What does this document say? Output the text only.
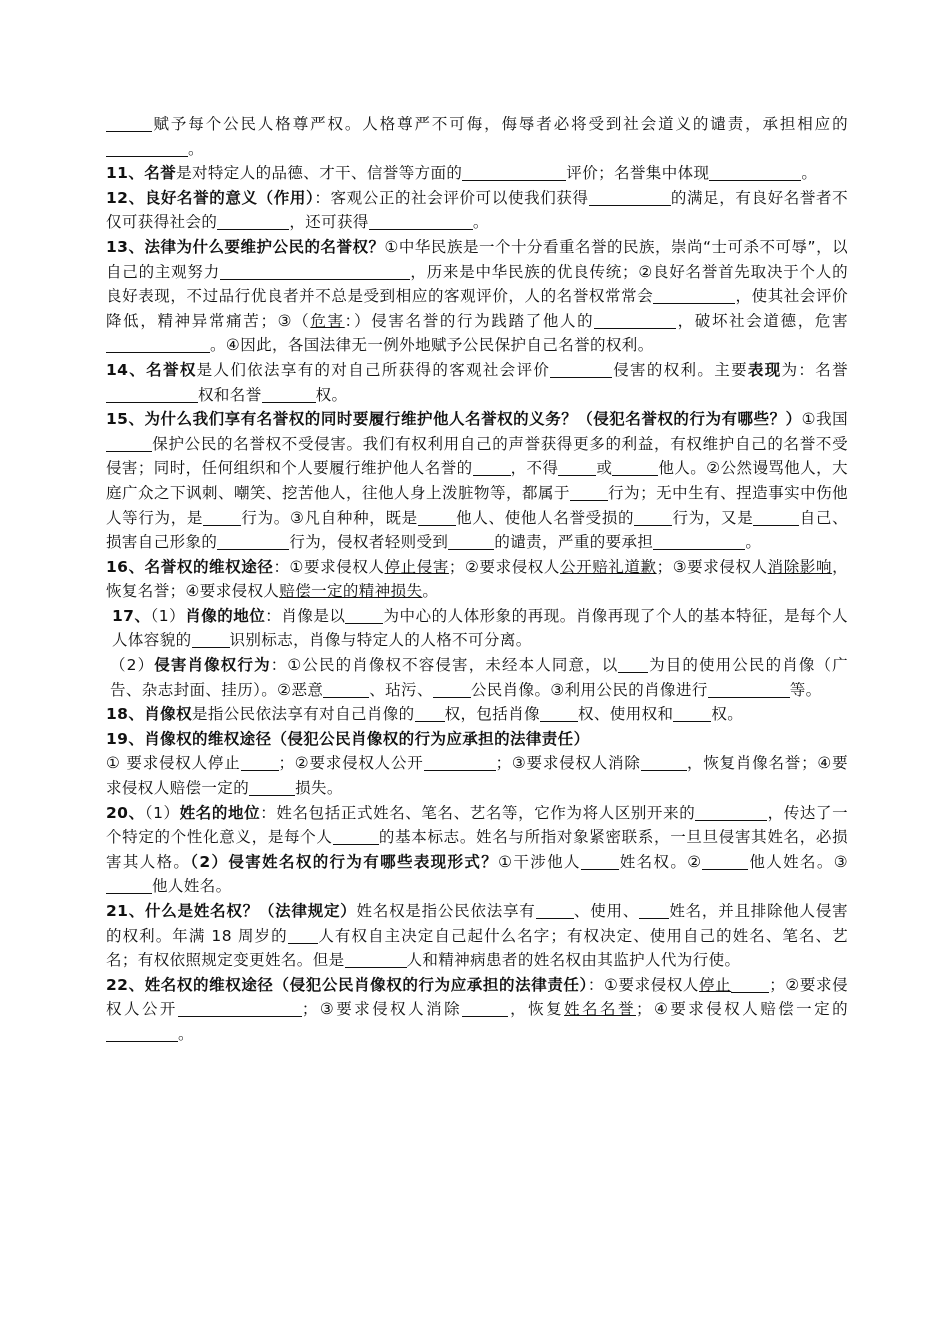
赋予每个公民人格尊严权。人格尊严不可侮，侮辱者必将受到社会道义的谴责，承担相应的。

11、名誉是对特定人的品德、才干、信誉等方面的	评价；名誉集中体现	。

12、良好名誉的意义（作用）：客观公正的社会评价可以使我们获得	的满足，有良好名誉者不仅可获得社会的	，还可获得	。

13、法律为什么要维护公民的名誉权？①中华民族是一个十分看重名誉的民族，崇尚“士可杀不可辱”，以自己的主观努力	，历来是中华民族的优良传统；②良好名誉首先取决于个人的良好表现，不过品行优良者并不总是受到相应的客观评价，人的名誉权常常会	，使其社会评价降低，精神异常痛苦；③（危害：）侵害名誉的行为践踏了他人的	，破坏社会道德，危害。④因此，各国法律无一例外地赋予公民保护自己名誉的权利。

14、名誉权是人们依法享有的对自己所获得的客观社会评价	侵害的权利。主要表现为：名誉权和名誉	权。

15、为什么我们享有名誉权的同时要履行维护他人名誉权的义务？（侵犯名誉权的行为有哪些？）①我国保护公民的名誉权不受侵害。我们有权利用自己的声誉获得更多的利益，有权维护自己的名誉不受侵害；同时，任何组织和个人要履行维护他人名誉的 ，不得 或	他人。②公然谩骂他人，大庭广众之下讽刺、嘲笑、挖苦他人，往他人身上泼脏物等，都属于 行为；无中生有、捏造事实中伤他人等行为，是 行为。③凡自种种，既是 他人、使他人名誉受损的 行为，又是	自己、损害自己形象的	行为，侵权者轻则受到	的谴责，严重的要承担	。

16、名誉权的维权途径：①要求侵权人停止侵害；②要求侵权人公开赔礼道歉；③要求侵权人消除影响，恢复名誉；④要求侵权人赔偿一定的精神损失。

17、（1）肖像的地位：肖像是以 为中心的人体形象的再现。肖像再现了个人的基本特征，是每个人人体容貌的 识别标志，肖像与特定人的人格不可分离。

（2）侵害肖像权行为：①公民的肖像权不容侵害，未经本人同意，以 为目的使用公民的肖像（广告、杂志封面、挂历）。②恶意	、玷污、 公民肖像。③利用公民的肖像进行	等。

18、肖像权是指公民依法享有对自己肖像的 权，包括肖像 权、使用权和 权。

19、肖像权的维权途径（侵犯公民肖像权的行为应承担的法律责任）
① 要求侵权人停止 ；②要求侵权人公开	；③要求侵权人消除	，恢复肖像名誉；④要求侵权人赔偿一定的	损失。

20、（1）姓名的地位：姓名包括正式姓名、笔名、艺名等，它作为将人区别开来的	，传达了一个特定的个性化意义，是每个人	的基本标志。姓名与所指对象紧密联系，一旦旦侵害其姓名，必损害其人格。（2）侵害姓名权的行为有哪些表现形式？①干涉他人 姓名权。②	他人姓名。③他人姓名。

21、什么是姓名权？（法律规定）姓名权是指公民依法享有 、使用、 姓名，并且排除他人侵害的权利。年满 18 周岁的 人有权自主决定自己起什么名字；有权决定、使用自己的姓名、笔名、艺名；有权依照规定变更姓名。但是	人和精神病患者的姓名权由其监护人代为行使。

22、姓名权的维权途径（侵犯公民肖像权的行为应承担的法律责任）：①要求侵权人停止 ；②要求侵权人公开	；③要求侵权人消除	，恢复姓名名誉；④要求侵权人赔偿一定的。
